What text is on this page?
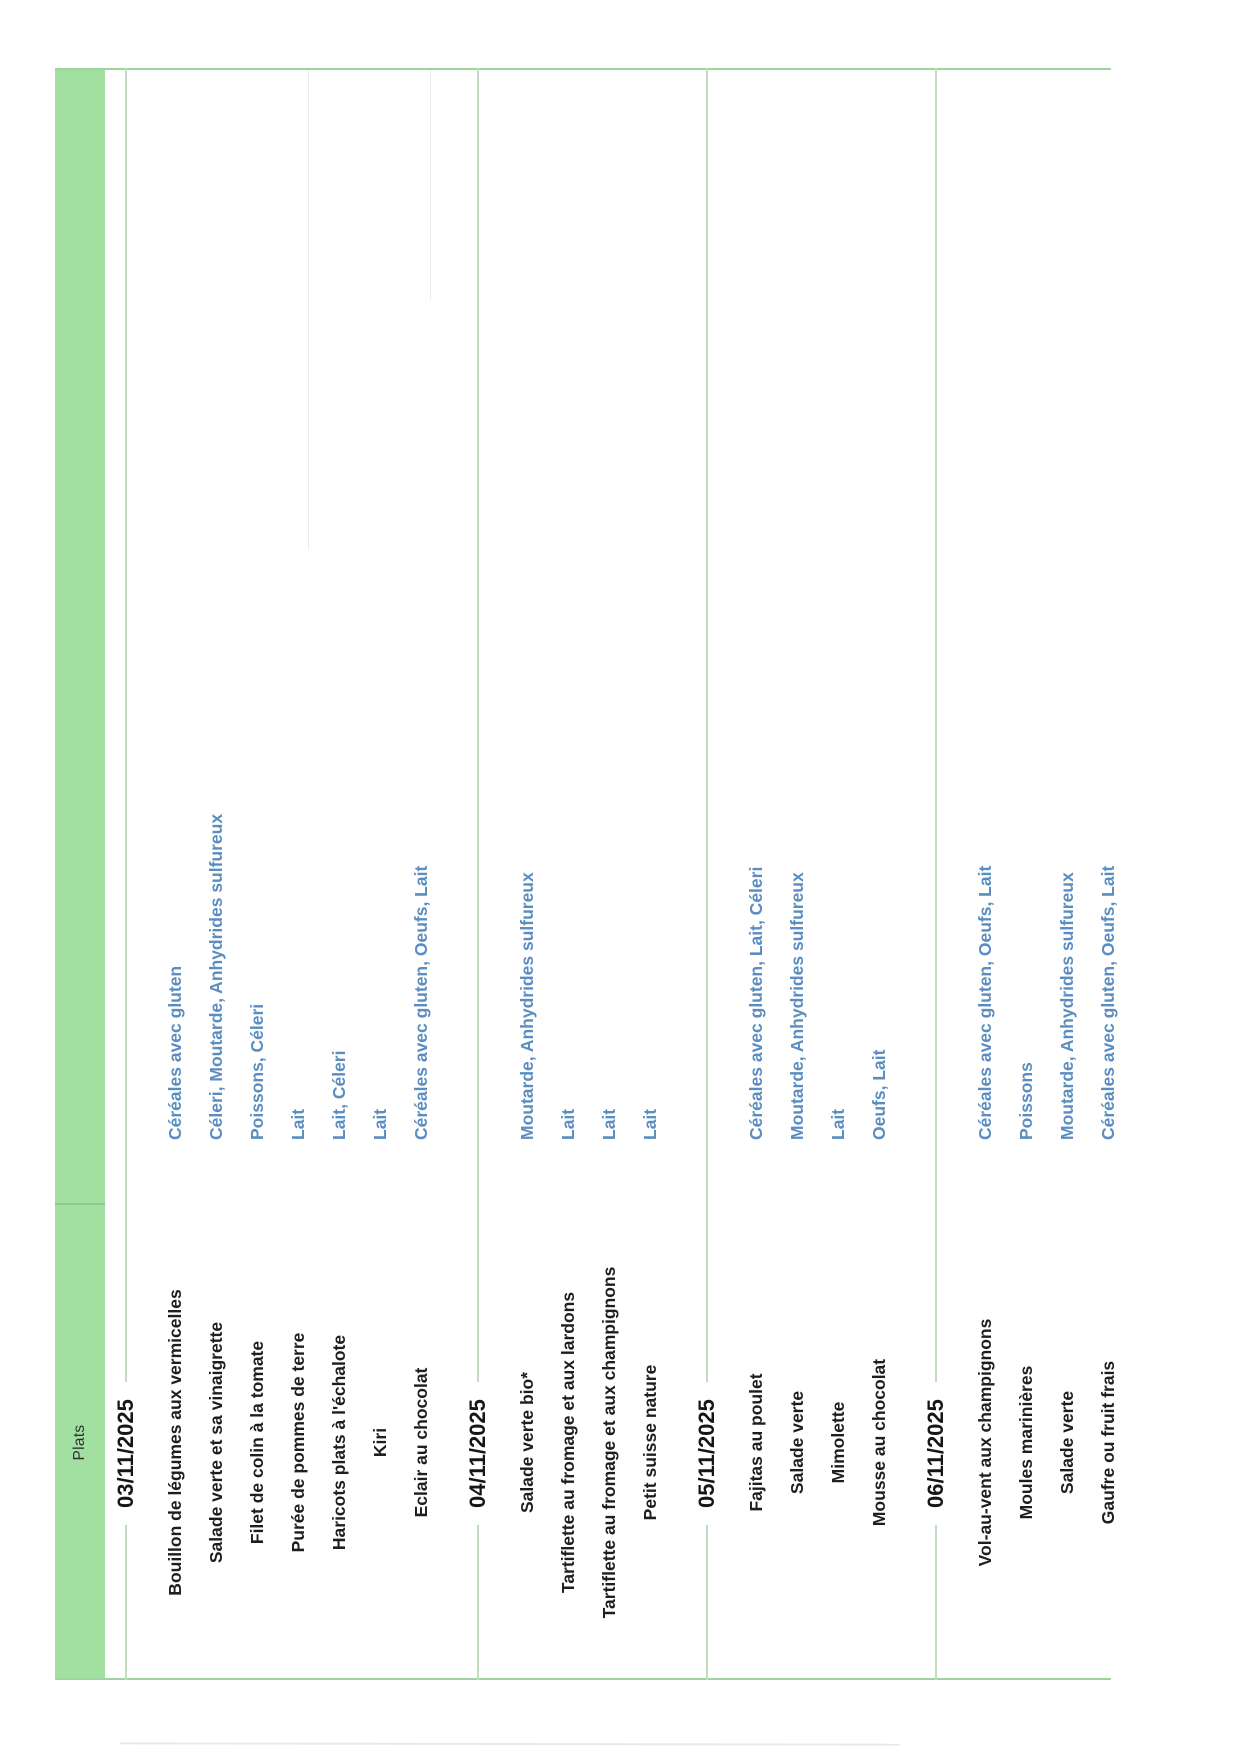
Plats 03/11/2025 Bouillon de légumes aux vermicelles
Céréales avec gluten
Salade verte et sa vinaigrette
Céleri, Moutarde, Anhydrides sulfureux
Filet de colin à la tomate
Poissons, Céleri
Purée de pommes de terre
Lait
Haricots plats à l'échalote
Lait, Céleri
Kiri
Lait
Eclair au chocolat
Céréales avec gluten, Oeufs, Lait
04/11/2025 Salade verte bio*
Moutarde, Anhydrides sulfureux
Tartiflette au fromage et aux lardons
Lait
Tartiflette au fromage et aux champignons
Lait
Petit suisse nature
Lait
05/11/2025 Fajitas au poulet
Céréales avec gluten, Lait, Céleri
Salade verte
Moutarde, Anhydrides sulfureux
Mimolette
Lait
Mousse au chocolat
Oeufs, Lait
06/11/2025 Vol-au-vent aux champignons
Céréales avec gluten, Oeufs, Lait
Moules marinières
Poissons
Salade verte
Moutarde, Anhydrides sulfureux
Gaufre ou fruit frais
Céréales avec gluten, Oeufs, Lait
